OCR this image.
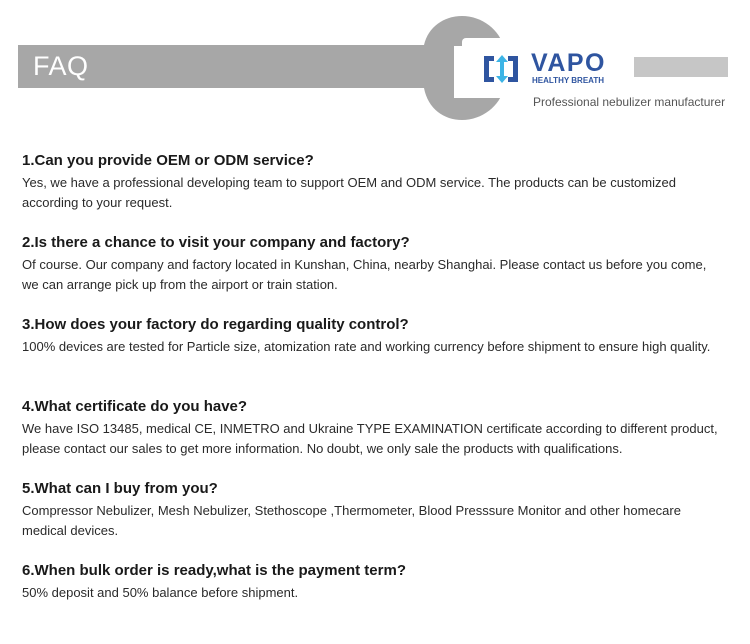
FAQ	VAPO
HEALTHY BREATH
Professional nebulizer manufacturer

1.Can you provide OEM or ODM service?

Yes, we have a professional developing team to support OEM and ODM service. The products can be customized according to your request.

2.Is there a chance to visit your company and factory?

Of course. Our company and factory located in Kunshan, China, nearby Shanghai. Please contact us before you come, we can arrange pick up from the airport or train station.

3.How does your factory do regarding quality control?

100% devices are tested for Particle size, atomization rate and working currency before shipment to ensure high quality.

4.What certificate do you have?

We have ISO 13485, medical CE, INMETRO and Ukraine TYPE EXAMINATION certificate according to different product, please contact our sales to get more information. No doubt, we only sale the products with qualifications.

5.What can I buy from you?

Compressor Nebulizer, Mesh Nebulizer, Stethoscope ,Thermometer, Blood Presssure Monitor and other homecare medical devices.

6.When bulk order is ready,what is the payment term?

50% deposit and 50% balance before shipment.
